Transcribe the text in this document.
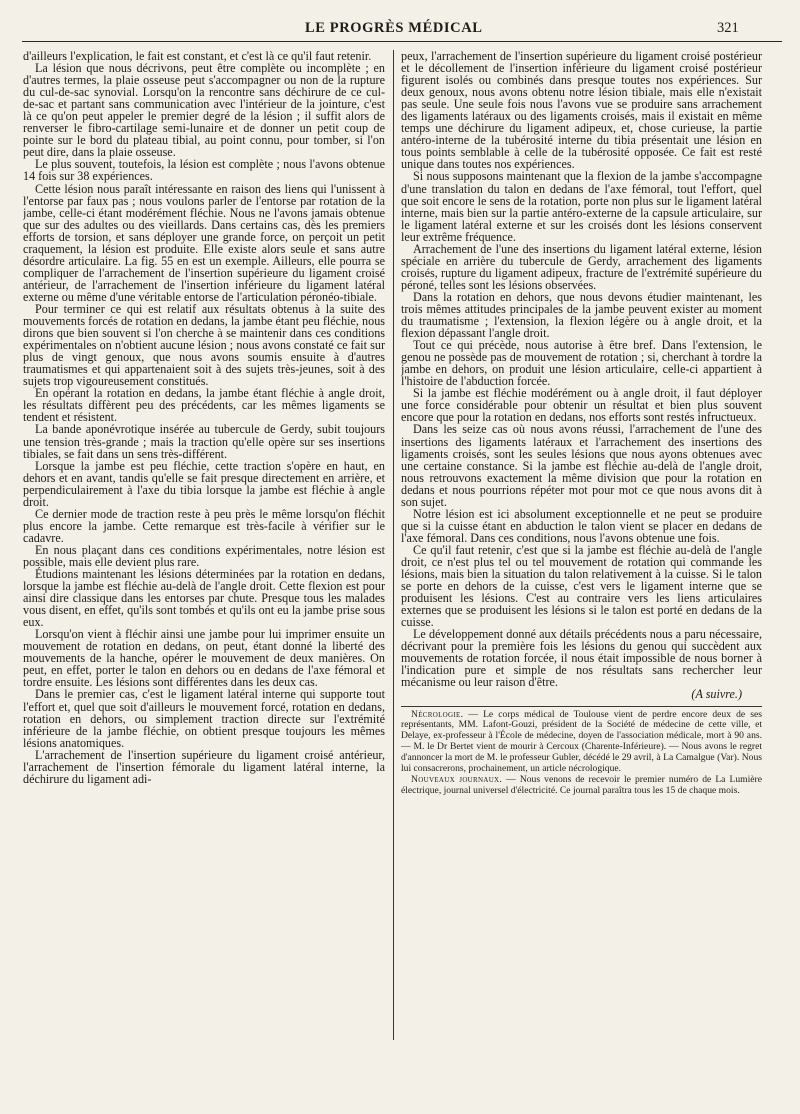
LE PROGRÈS MÉDICAL	321

d'ailleurs l'explication, le fait est constant, et c'est là ce qu'il faut retenir.

La lésion que nous décrivons, peut être complète ou incomplète ; en d'autres termes, la plaie osseuse peut s'accompagner ou non de la rupture du cul-de-sac synovial. Lorsqu'on la rencontre sans déchirure de ce cul-de-sac et partant sans communication avec l'intérieur de la jointure, c'est là ce qu'on peut appeler le premier degré de la lésion ; il suffit alors de renverser le fibro-cartilage semi-lunaire et de donner un petit coup de pointe sur le bord du plateau tibial, au point connu, pour tomber, si l'on peut dire, dans la plaie osseuse.

Le plus souvent, toutefois, la lésion est complète ; nous l'avons obtenue 14 fois sur 38 expériences.

Cette lésion nous paraît intéressante en raison des liens qui l'unissent à l'entorse par faux pas ; nous voulons parler de l'entorse par rotation de la jambe, celle-ci étant modérément fléchie. Nous ne l'avons jamais obtenue que sur des adultes ou des vieillards. Dans certains cas, dès les premiers efforts de torsion, et sans déployer une grande force, on perçoit un petit craquement, la lésion est produite. Elle existe alors seule et sans autre désordre articulaire. La fig. 55 en est un exemple. Ailleurs, elle pourra se compliquer de l'arrachement de l'insertion supérieure du ligament croisé antérieur, de l'arrachement de l'insertion inférieure du ligament latéral externe ou même d'une véritable entorse de l'articulation péronéo-tibiale.

Pour terminer ce qui est relatif aux résultats obtenus à la suite des mouvements forcés de rotation en dedans, la jambe étant peu fléchie, nous dirons que bien souvent si l'on cherche à se maintenir dans ces conditions expérimentales on n'obtient aucune lésion ; nous avons constaté ce fait sur plus de vingt genoux, que nous avons soumis ensuite à d'autres traumatismes et qui appartenaient soit à des sujets très-jeunes, soit à des sujets trop vigoureusement constitués.

En opérant la rotation en dedans, la jambe étant fléchie à angle droit, les résultats diffèrent peu des précédents, car les mêmes ligaments se tendent et résistent.

La bande aponévrotique insérée au tubercule de Gerdy, subit toujours une tension très-grande ; mais la traction qu'elle opère sur ses insertions tibiales, se fait dans un sens très-différent.

Lorsque la jambe est peu fléchie, cette traction s'opère en haut, en dehors et en avant, tandis qu'elle se fait presque directement en arrière, et perpendiculairement à l'axe du tibia lorsque la jambe est fléchie à angle droit.

Ce dernier mode de traction reste à peu près le même lorsqu'on fléchit plus encore la jambe. Cette remarque est très-facile à vérifier sur le cadavre.

En nous plaçant dans ces conditions expérimentales, notre lésion est possible, mais elle devient plus rare.

Étudions maintenant les lésions déterminées par la rotation en dedans, lorsque la jambe est fléchie au-delà de l'angle droit. Cette flexion est pour ainsi dire classique dans les entorses par chute. Presque tous les malades vous disent, en effet, qu'ils sont tombés et qu'ils ont eu la jambe prise sous eux.

Lorsqu'on vient à fléchir ainsi une jambe pour lui imprimer ensuite un mouvement de rotation en dedans, on peut, étant donné la liberté des mouvements de la hanche, opérer le mouvement de deux manières. On peut, en effet, porter le talon en dehors ou en dedans de l'axe fémoral et tordre ensuite. Les lésions sont différentes dans les deux cas.

Dans le premier cas, c'est le ligament latéral interne qui supporte tout l'effort et, quel que soit d'ailleurs le mouvement forcé, rotation en dedans, rotation en dehors, ou simplement traction directe sur l'extrémité inférieure de la jambe fléchie, on obtient presque toujours les mêmes lésions anatomiques.

L'arrachement de l'insertion supérieure du ligament croisé antérieur, l'arrachement de l'insertion fémorale du ligament latéral interne, la déchirure du ligament adi-

peux, l'arrachement de l'insertion supérieure du ligament croisé postérieur et le décollement de l'insertion inférieure du ligament croisé postérieur figurent isolés ou combinés dans presque toutes nos expériences. Sur deux genoux, nous avons obtenu notre lésion tibiale, mais elle n'existait pas seule. Une seule fois nous l'avons vue se produire sans arrachement des ligaments latéraux ou des ligaments croisés, mais il existait en même temps une déchirure du ligament adipeux, et, chose curieuse, la partie antéro-interne de la tubérosité interne du tibia présentait une lésion en tous points semblable à celle de la tubérosité opposée. Ce fait est resté unique dans toutes nos expériences.

Si nous supposons maintenant que la flexion de la jambe s'accompagne d'une translation du talon en dedans de l'axe fémoral, tout l'effort, quel que soit encore le sens de la rotation, porte non plus sur le ligament latéral interne, mais bien sur la partie antéro-externe de la capsule articulaire, sur le ligament latéral externe et sur les croisés dont les lésions conservent leur extrême fréquence.

Arrachement de l'une des insertions du ligament latéral externe, lésion spéciale en arrière du tubercule de Gerdy, arrachement des ligaments croisés, rupture du ligament adipeux, fracture de l'extrémité supérieure du péroné, telles sont les lésions observées.

Dans la rotation en dehors, que nous devons étudier maintenant, les trois mêmes attitudes principales de la jambe peuvent exister au moment du traumatisme ; l'extension, la flexion légère ou à angle droit, et la flexion dépassant l'angle droit.

Tout ce qui précède, nous autorise à être bref. Dans l'extension, le genou ne possède pas de mouvement de rotation ; si, cherchant à tordre la jambe en dehors, on produit une lésion articulaire, celle-ci appartient à l'histoire de l'abduction forcée.

Si la jambe est fléchie modérément ou à angle droit, il faut déployer une force considérable pour obtenir un résultat et bien plus souvent encore que pour la rotation en dedans, nos efforts sont restés infructueux.

Dans les seize cas où nous avons réussi, l'arrachement de l'une des insertions des ligaments latéraux et l'arrachement des insertions des ligaments croisés, sont les seules lésions que nous ayons obtenues avec une certaine constance. Si la jambe est fléchie au-delà de l'angle droit, nous retrouvons exactement la même division que pour la rotation en dedans et nous pourrions répéter mot pour mot ce que nous avons dit à son sujet.

Notre lésion est ici absolument exceptionnelle et ne peut se produire que si la cuisse étant en abduction le talon vient se placer en dedans de l'axe fémoral. Dans ces conditions, nous l'avons obtenue une fois.

Ce qu'il faut retenir, c'est que si la jambe est fléchie au-delà de l'angle droit, ce n'est plus tel ou tel mouvement de rotation qui commande les lésions, mais bien la situation du talon relativement à la cuisse. Si le talon se porte en dehors de la cuisse, c'est vers le ligament interne que se produisent les lésions. C'est au contraire vers les liens articulaires externes que se produisent les lésions si le talon est porté en dedans de la cuisse.

Le développement donné aux détails précédents nous a paru nécessaire, décrivant pour la première fois les lésions du genou qui succèdent aux mouvements de rotation forcée, il nous était impossible de nous borner à l'indication pure et simple de nos résultats sans rechercher leur mécanisme ou leur raison d'être.

(A suivre.)

Nécrologie. — Le corps médical de Toulouse vient de perdre encore deux de ses représentants, MM. Lafont-Gouzi, président de la Société de médecine de cette ville, et Delaye, ex-professeur à l'École de médecine, doyen de l'association médicale, mort à 90 ans. — M. le Dr Bertet vient de mourir à Cercoux (Charente-Inférieure). — Nous avons le regret d'annoncer la mort de M. le professeur Gubler, décédé le 29 avril, à La Camalgue (Var). Nous lui consacrerons, prochainement, un article nécrologique.

Nouveaux journaux. — Nous venons de recevoir le premier numéro de La Lumière électrique, journal universel d'électricité. Ce journal paraîtra tous les 15 de chaque mois.
